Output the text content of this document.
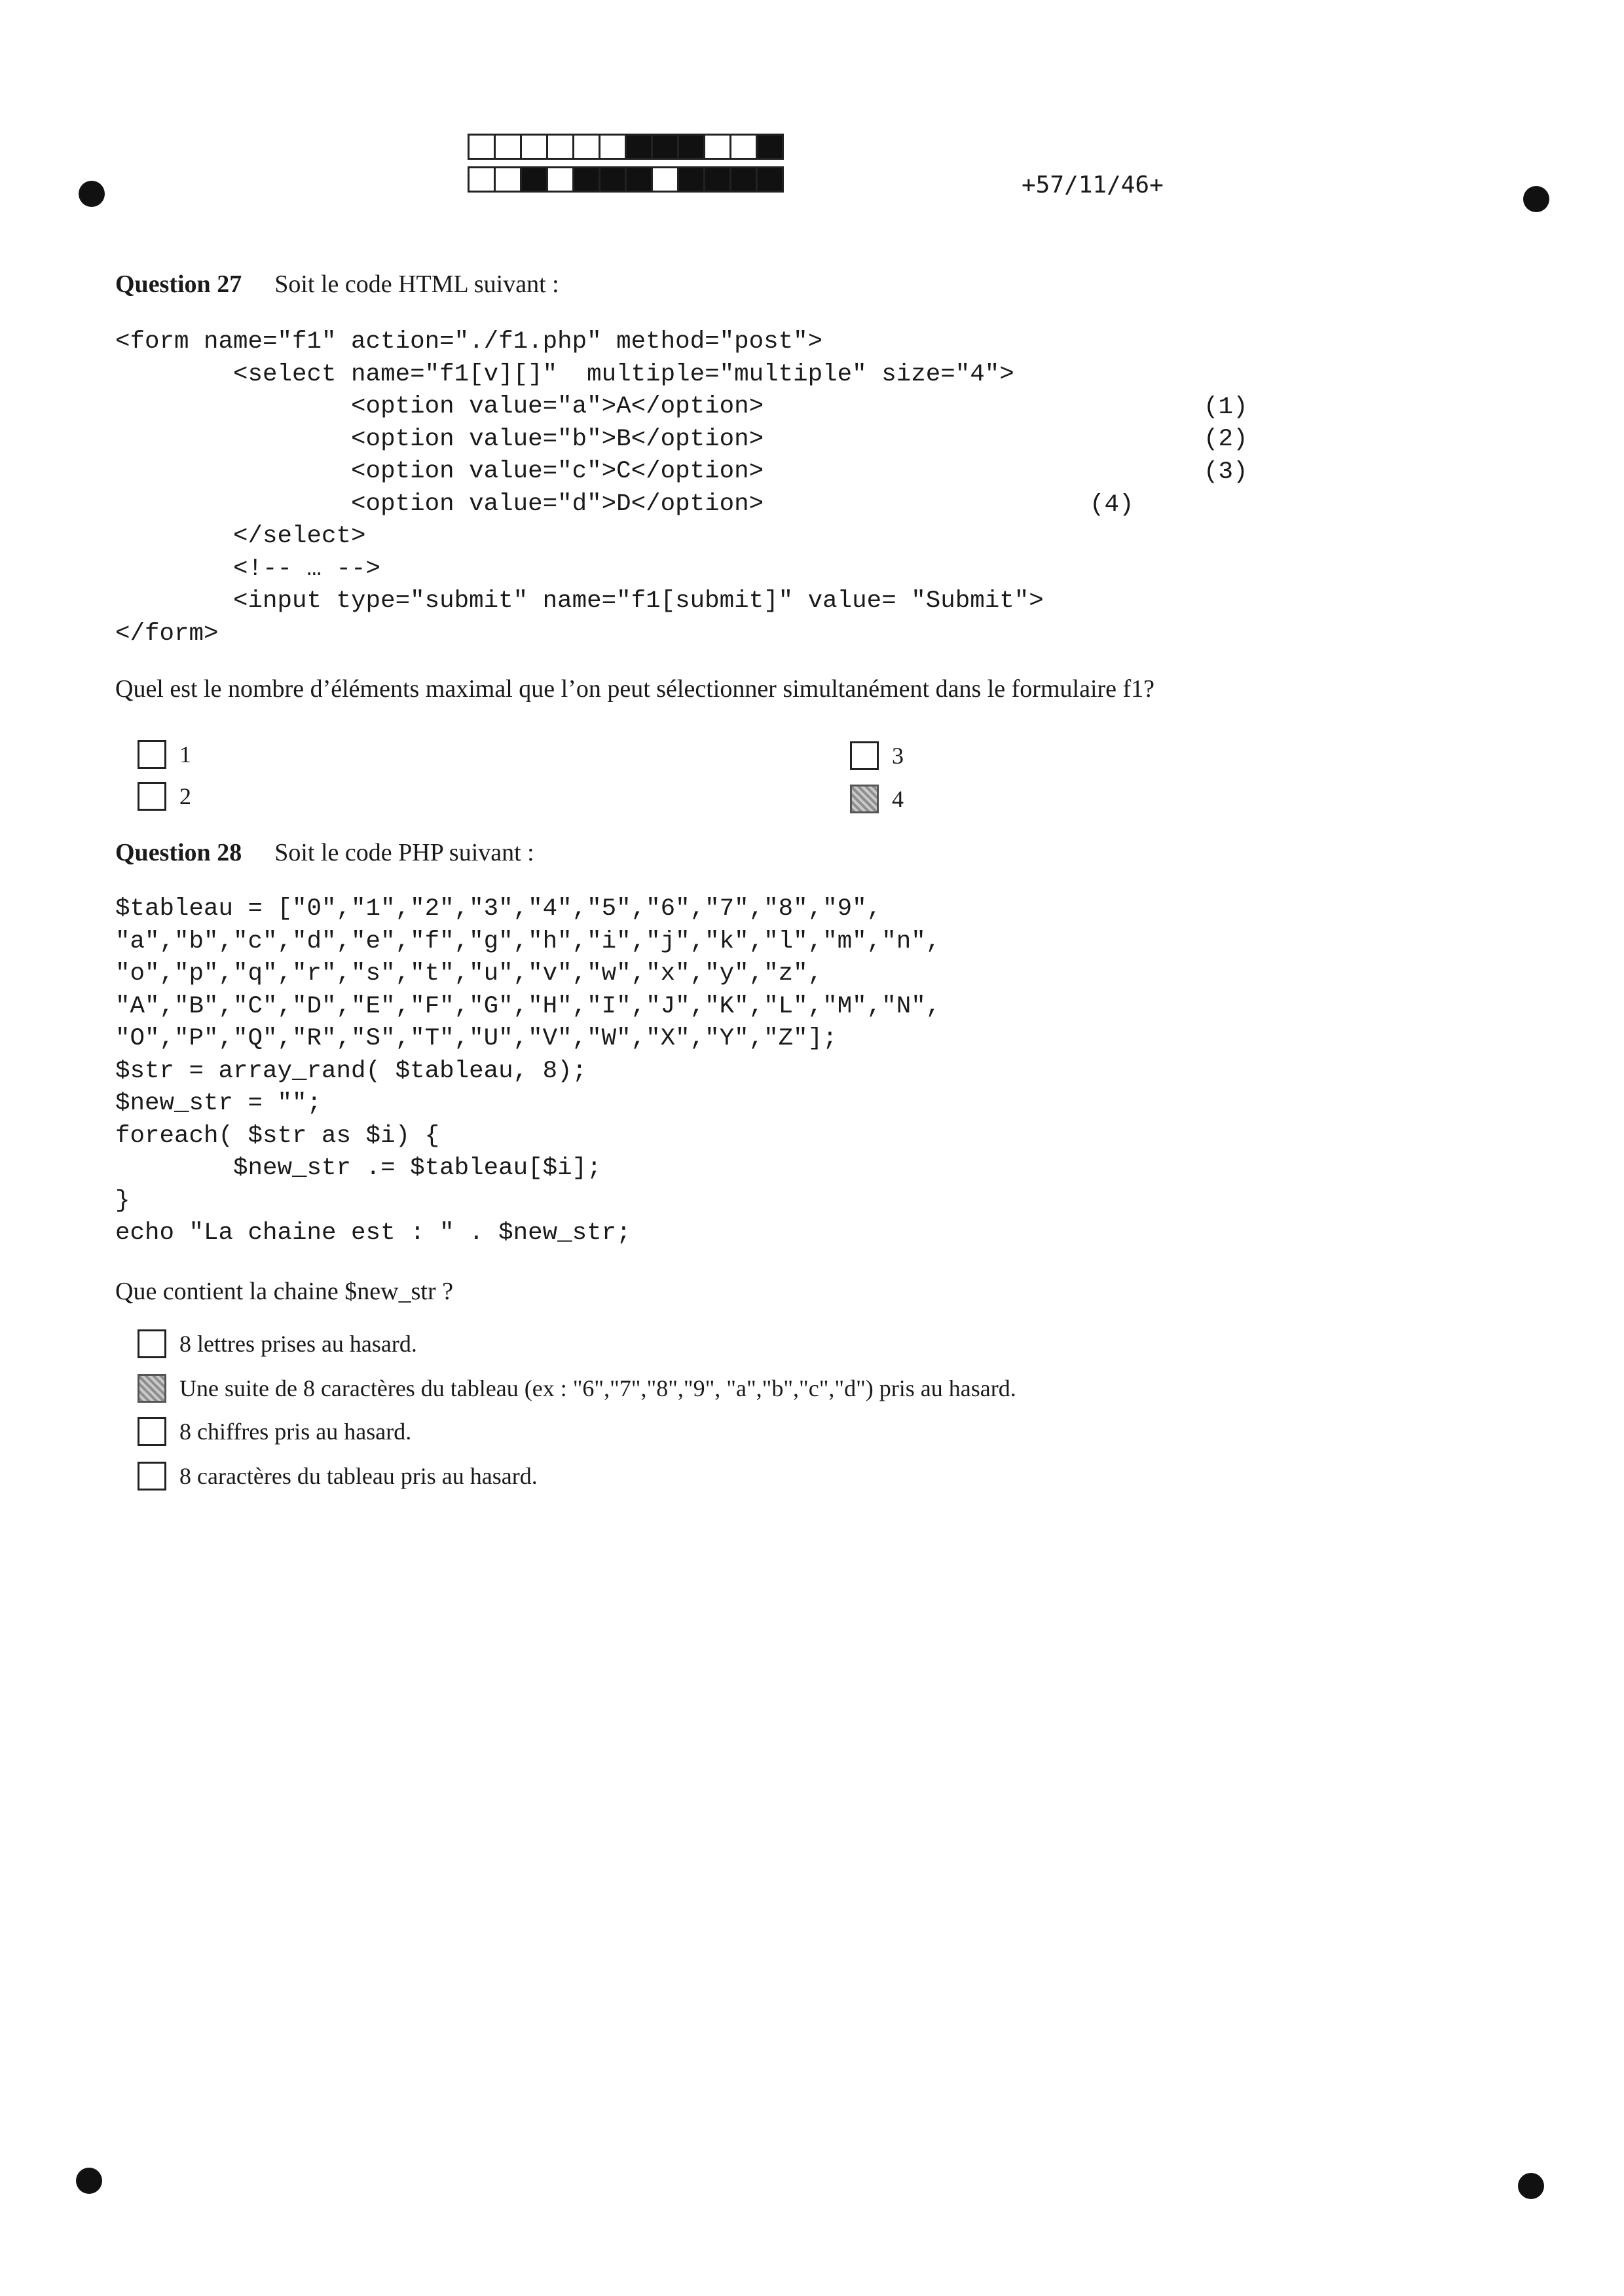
+57/11/46+
Question 27 Soit le code HTML suivant :
<form name="f1" action="./f1.php" method="post">
<select name="f1[v][]"  multiple="multiple" size="4">
<option value="a">A</option>
<option value="b">B</option>
<option value="c">C</option>
<option value="d">D</option>
</select>
<!-- … -->
<input type="submit" name="f1[submit]" value= "Submit">
</form>
(1)
(2)
(3)
(4)
Quel est le nombre d’éléments maximal que l’on peut sélectionner simultanément dans le formulaire f1?
1
2
3
4
Question 28 Soit le code PHP suivant :
$tableau = ["0","1","2","3","4","5","6","7","8","9",
"a","b","c","d","e","f","g","h","i","j","k","l","m","n",
"o","p","q","r","s","t","u","v","w","x","y","z",
"A","B","C","D","E","F","G","H","I","J","K","L","M","N",
"O","P","Q","R","S","T","U","V","W","X","Y","Z"];
$str = array_rand( $tableau, 8);
$new_str = "";
foreach( $str as $i) {
$new_str .= $tableau[$i];
}
echo "La chaine est : " . $new_str;
Que contient la chaine $new_str ?
8 lettres prises au hasard.
Une suite de 8 caractères du tableau (ex : "6","7","8","9", "a","b","c","d") pris au hasard.
8 chiffres pris au hasard.
8 caractères du tableau pris au hasard.
